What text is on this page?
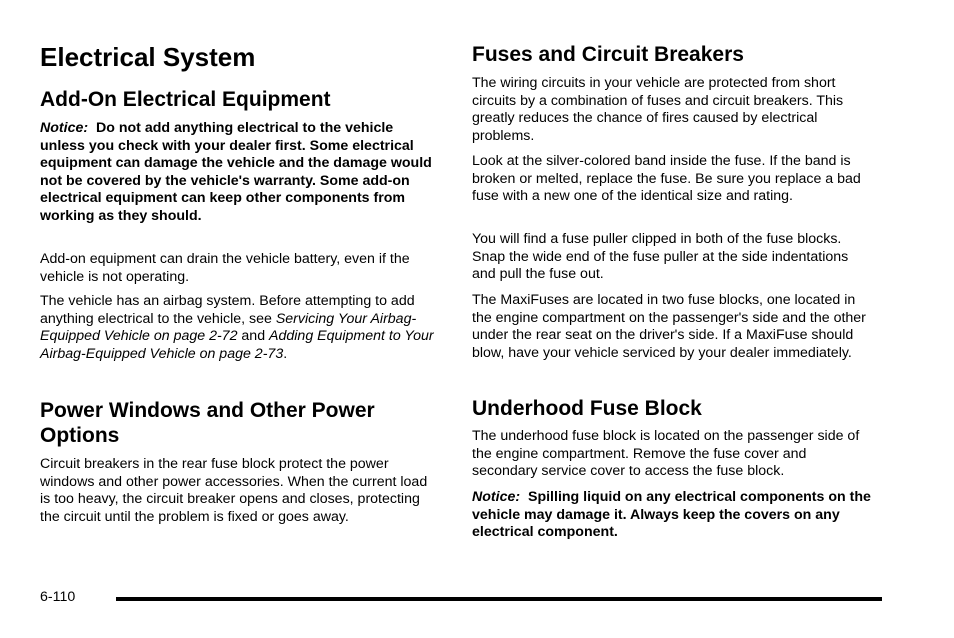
Electrical System
Add-On Electrical Equipment

Notice: Do not add anything electrical to the vehicle unless you check with your dealer first. Some electrical equipment can damage the vehicle and the damage would not be covered by the vehicle's warranty. Some add-on electrical equipment can keep other components from working as they should.

Add-on equipment can drain the vehicle battery, even if the vehicle is not operating.

The vehicle has an airbag system. Before attempting to add anything electrical to the vehicle, see Servicing Your Airbag-Equipped Vehicle on page 2-72 and Adding Equipment to Your Airbag-Equipped Vehicle on page 2-73.

Power Windows and Other Power Options

Circuit breakers in the rear fuse block protect the power windows and other power accessories. When the current load is too heavy, the circuit breaker opens and closes, protecting the circuit until the problem is fixed or goes away.

Fuses and Circuit Breakers

The wiring circuits in your vehicle are protected from short circuits by a combination of fuses and circuit breakers. This greatly reduces the chance of fires caused by electrical problems.

Look at the silver-colored band inside the fuse. If the band is broken or melted, replace the fuse. Be sure you replace a bad fuse with a new one of the identical size and rating.

You will find a fuse puller clipped in both of the fuse blocks. Snap the wide end of the fuse puller at the side indentations and pull the fuse out.

The MaxiFuses are located in two fuse blocks, one located in the engine compartment on the passenger's side and the other under the rear seat on the driver's side. If a MaxiFuse should blow, have your vehicle serviced by your dealer immediately.

Underhood Fuse Block

The underhood fuse block is located on the passenger side of the engine compartment. Remove the fuse cover and secondary service cover to access the fuse block.

Notice: Spilling liquid on any electrical components on the vehicle may damage it. Always keep the covers on any electrical component.

6-110
